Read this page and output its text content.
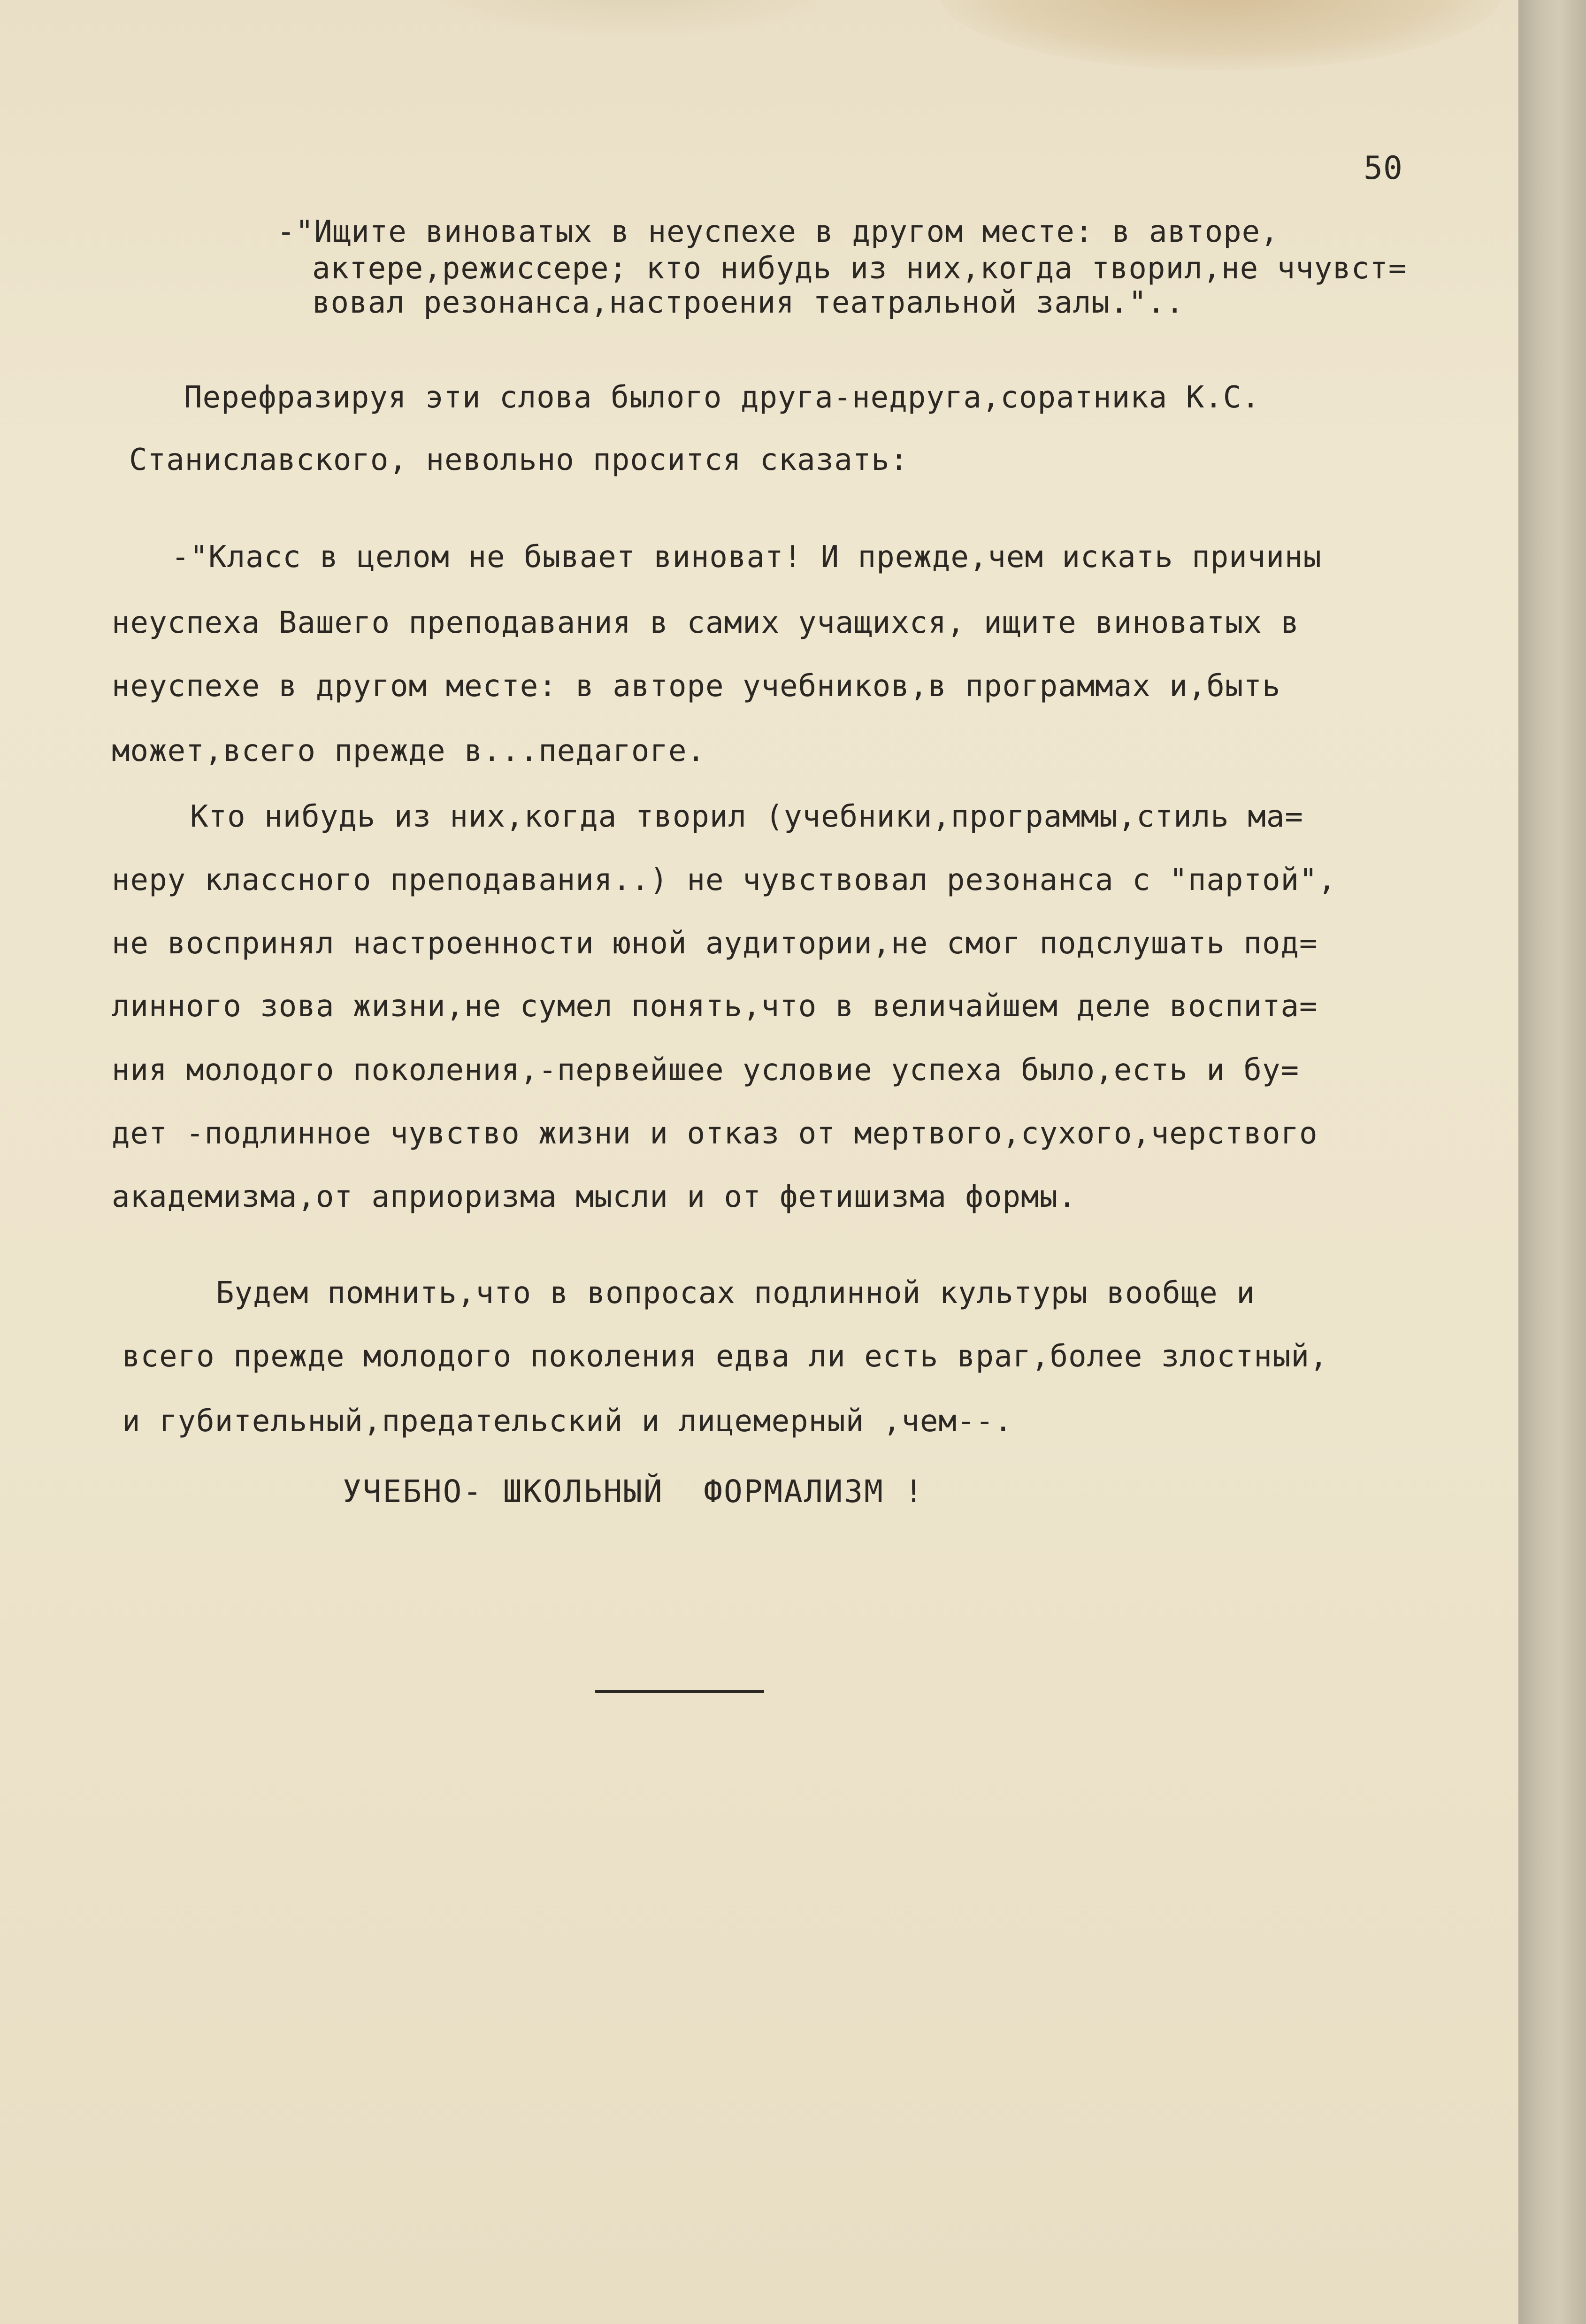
50

-"Ищите виноватых в неуспехе в другом месте: в авторе,

актере,режиссере; кто нибудь из них,когда творил,не ччувст=

вовал резонанса,настроения театральной залы."..

Перефразируя эти слова былого друга-недруга,соратника К.С.

Станиславского, невольно просится сказать:

-"Класс в целом не бывает виноват! И прежде,чем искать причины

неуспеха Вашего преподавания в самих учащихся, ищите виноватых в

неуспехе в другом месте: в авторе учебников,в программах и,быть

может,всего прежде в...педагоге.

Кто нибудь из них,когда творил (учебники,программы,стиль ма=

неру классного преподавания..) не чувствовал резонанса с "партой",

не воспринял настроенности юной аудитории,не смог подслушать под=

линного зова жизни,не сумел понять,что в величайшем деле воспита=

ния молодого поколения,-первейшее условие успеха было,есть и бу=

дет -подлинное чувство жизни и отказ от мертвого,сухого,черствого

академизма,от априоризма мысли и от фетишизма формы.

Будем помнить,что в вопросах подлинной культуры вообще и

всего прежде молодого поколения едва ли есть враг,более злостный,

и губительный,предательский и лицемерный ,чем--.

УЧЕБНО- ШКОЛЬНЫЙ  ФОРМАЛИЗМ !
